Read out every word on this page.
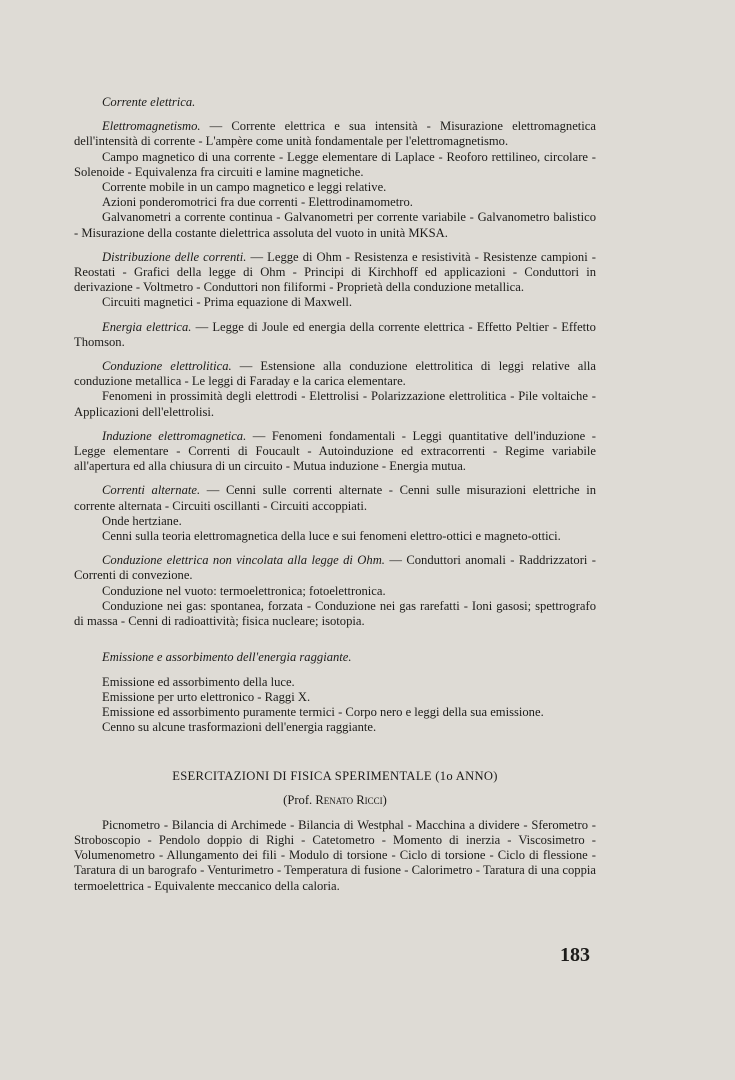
Corrente elettrica.

Elettromagnetismo. — Corrente elettrica e sua intensità - Misurazione elettromagnetica dell'intensità di corrente - L'ampère come unità fondamentale per l'elettromagnetismo.

Campo magnetico di una corrente - Legge elementare di Laplace - Reoforo rettilineo, circolare - Solenoide - Equivalenza fra circuiti e lamine magnetiche.

Corrente mobile in un campo magnetico e leggi relative.

Azioni ponderomotrici fra due correnti - Elettrodinamometro.

Galvanometri a corrente continua - Galvanometri per corrente variabile - Galvanometro balistico - Misurazione della costante dielettrica assoluta del vuoto in unità MKSA.

Distribuzione delle correnti. — Legge di Ohm - Resistenza e resistività - Resistenze campioni - Reostati - Grafici della legge di Ohm - Principi di Kirchhoff ed applicazioni - Conduttori in derivazione - Voltmetro - Conduttori non filiformi - Proprietà della conduzione metallica.

Circuiti magnetici - Prima equazione di Maxwell.

Energia elettrica. — Legge di Joule ed energia della corrente elettrica - Effetto Peltier - Effetto Thomson.

Conduzione elettrolitica. — Estensione alla conduzione elettrolitica di leggi relative alla conduzione metallica - Le leggi di Faraday e la carica elementare.

Fenomeni in prossimità degli elettrodi - Elettrolisi - Polarizzazione elettrolitica - Pile voltaiche - Applicazioni dell'elettrolisi.

Induzione elettromagnetica. — Fenomeni fondamentali - Leggi quantitative dell'induzione - Legge elementare - Correnti di Foucault - Autoinduzione ed extracorrenti - Regime variabile all'apertura ed alla chiusura di un circuito - Mutua induzione - Energia mutua.

Correnti alternate. — Cenni sulle correnti alternate - Cenni sulle misurazioni elettriche in corrente alternata - Circuiti oscillanti - Circuiti accoppiati.

Onde hertziane.

Cenni sulla teoria elettromagnetica della luce e sui fenomeni elettro-ottici e magneto-ottici.

Conduzione elettrica non vincolata alla legge di Ohm. — Conduttori anomali - Raddrizzatori - Correnti di convezione.

Conduzione nel vuoto: termoelettronica; fotoelettronica.

Conduzione nei gas: spontanea, forzata - Conduzione nei gas rarefatti - Ioni gasosi; spettrografo di massa - Cenni di radioattività; fisica nucleare; isotopia.

Emissione e assorbimento dell'energia raggiante.

Emissione ed assorbimento della luce.

Emissione per urto elettronico - Raggi X.

Emissione ed assorbimento puramente termici - Corpo nero e leggi della sua emissione.

Cenno su alcune trasformazioni dell'energia raggiante.

ESERCITAZIONI DI FISICA SPERIMENTALE (1o ANNO)

(Prof. Renato Ricci)

Picnometro - Bilancia di Archimede - Bilancia di Westphal - Macchina a dividere - Sferometro - Stroboscopio - Pendolo doppio di Righi - Catetometro - Momento di inerzia - Viscosimetro - Volumenometro - Allungamento dei fili - Modulo di torsione - Ciclo di torsione - Ciclo di flessione - Taratura di un barografo - Venturimetro - Temperatura di fusione - Calorimetro - Taratura di una coppia termoelettrica - Equivalente meccanico della caloria.

183
